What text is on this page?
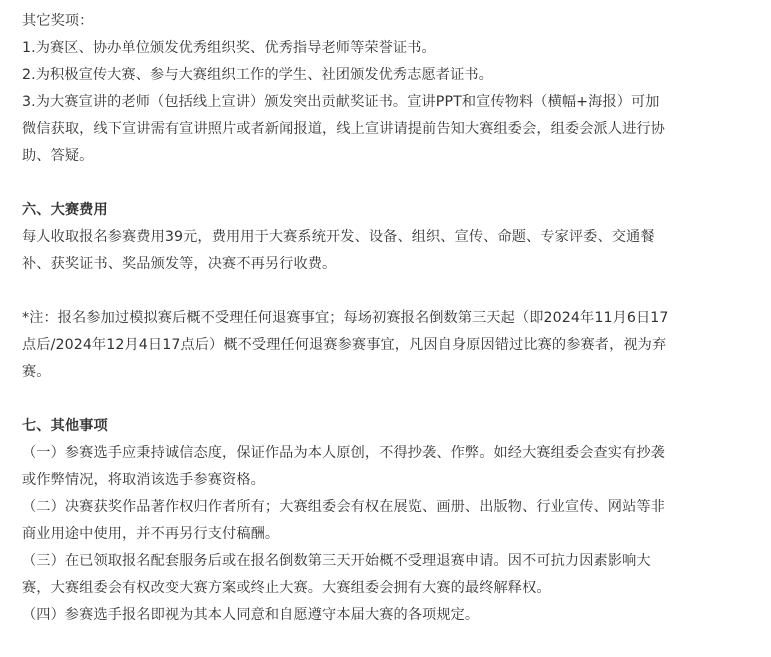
其它奖项：
1.为赛区、协办单位颁发优秀组织奖、优秀指导老师等荣誉证书。
2.为积极宣传大赛、参与大赛组织工作的学生、社团颁发优秀志愿者证书。
3.为大赛宣讲的老师（包括线上宣讲）颁发突出贡献奖证书。宣讲PPT和宣传物料（横幅+海报）可加
微信获取，线下宣讲需有宣讲照片或者新闻报道，线上宣讲请提前告知大赛组委会，组委会派人进行协
助、答疑。
六、大赛费用
每人收取报名参赛费用39元，费用用于大赛系统开发、设备、组织、宣传、命题、专家评委、交通餐
补、获奖证书、奖品颁发等，决赛不再另行收费。
*注：报名参加过模拟赛后概不受理任何退赛事宜；每场初赛报名倒数第三天起（即2024年11月6日17
点后/2024年12月4日17点后）概不受理任何退赛参赛事宜，凡因自身原因错过比赛的参赛者，视为弃
赛。
七、其他事项
（一）参赛选手应秉持诚信态度，保证作品为本人原创，不得抄袭、作弊。如经大赛组委会查实有抄袭
或作弊情况，将取消该选手参赛资格。
（二）决赛获奖作品著作权归作者所有；大赛组委会有权在展览、画册、出版物、行业宣传、网站等非
商业用途中使用，并不再另行支付稿酬。
（三）在已领取报名配套服务后或在报名倒数第三天开始概不受理退赛申请。因不可抗力因素影响大
赛，大赛组委会有权改变大赛方案或终止大赛。大赛组委会拥有大赛的最终解释权。
（四）参赛选手报名即视为其本人同意和自愿遵守本届大赛的各项规定。
